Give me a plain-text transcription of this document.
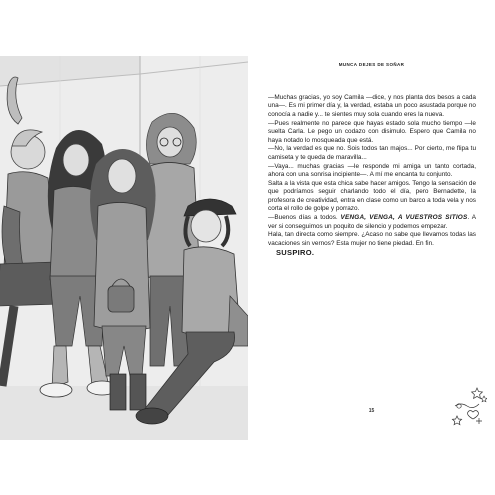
MUNCA DEJES DE SOÑAR

—Muchas gracias, yo soy Camila —dice, y nos planta dos besos a cada una—. Es mi primer día y, la verdad, estaba un poco asustada porque no conocía a nadie y... te sientes muy sola cuando eres la nueva.

—Pues realmente no parece que hayas estado sola mucho tiempo —le suelta Carla. Le pego un codazo con disimulo. Espero que Camila no haya notado lo mosqueada que está.

—No, la verdad es que no. Sois todos tan majos... Por cierto, me flipa tu camiseta y te queda de maravilla...

—Vaya... muchas gracias —le responde mi amiga un tanto cortada, ahora con una sonrisa incipiente—. A mí me encanta tu conjunto.

Salta a la vista que esta chica sabe hacer amigos. Tengo la sensación de que podríamos seguir charlando todo el día, pero Bernadette, la profesora de creatividad, entra en clase como un barco a toda vela y nos corta el rollo de golpe y porrazo.

—Buenos días a todos. VENGA, VENGA, A VUESTROS SITIOS. A ver si conseguimos un poquito de silencio y podemos empezar.

Hala, tan directa como siempre. ¿Acaso no sabe que llevamos todas las vacaciones sin vernos? Esta mujer no tiene piedad. En fin.

SUSPIRO.

15
